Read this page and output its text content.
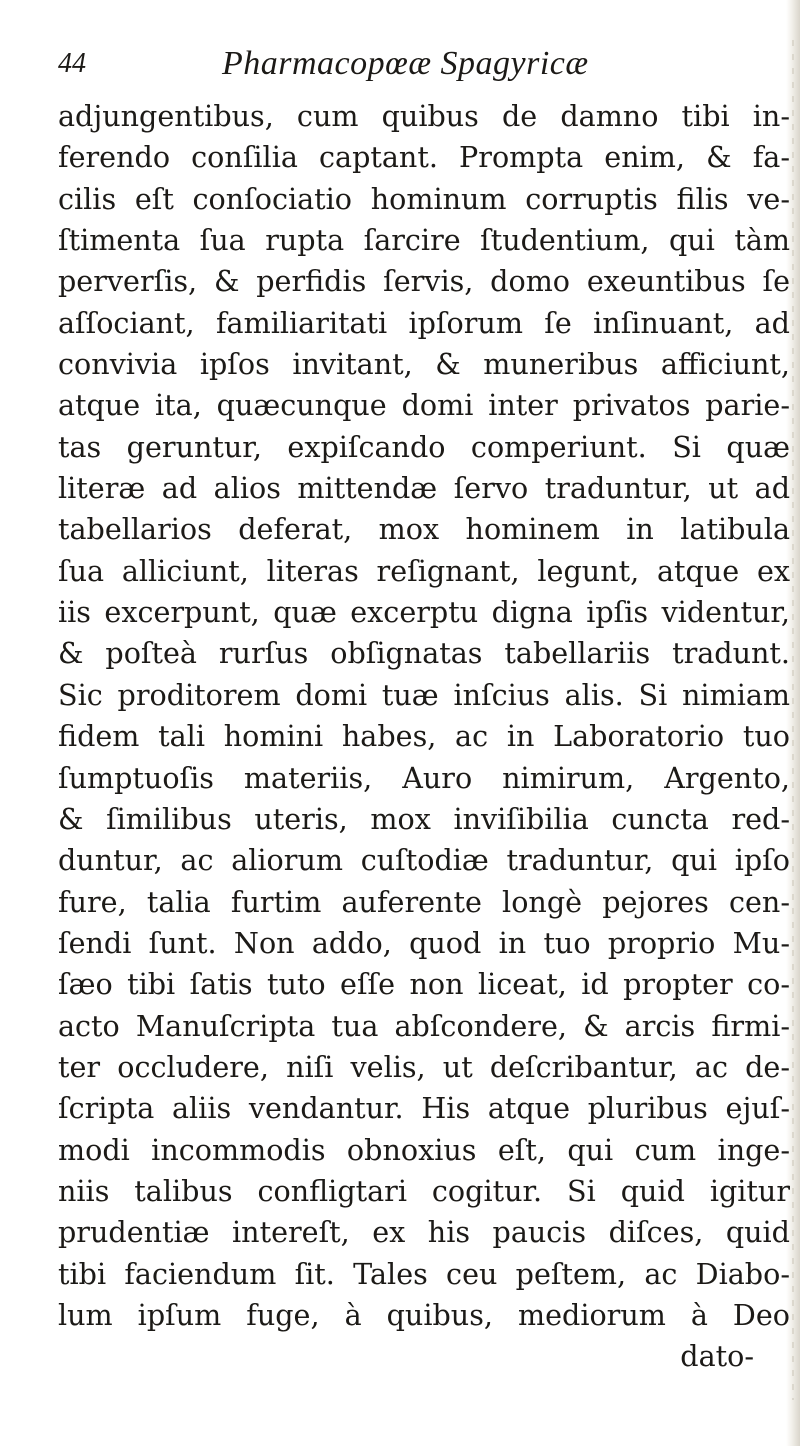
44	Pharmacopœæ Spagyricæ
adjungentibus, cum quibus de damno tibi in-
ferendo conſilia captant. Prompta enim, & fa-
cilis eſt conſociatio hominum corruptis filis ve-
ſtimenta ſua rupta ſarcire ſtudentium, qui tàm
perverſis, & perfidis ſervis, domo exeuntibus ſe
aſſociant, familiaritati ipſorum ſe inſinuant, ad
convivia ipſos invitant, & muneribus afficiunt,
atque ita, quæcunque domi inter privatos parie-
tas geruntur, expiſcando comperiunt. Si quæ
literæ ad alios mittendæ ſervo traduntur, ut ad
tabellarios deferat, mox hominem in latibula
ſua alliciunt, literas reſignant, legunt, atque ex
iis excerpunt, quæ excerptu digna ipſis videntur,
& poſteà rurſus obſignatas tabellariis tradunt.
Sic proditorem domi tuæ inſcius alis. Si nimiam
fidem tali homini habes, ac in Laboratorio tuo
ſumptuoſis materiis, Auro nimirum, Argento,
& ſimilibus uteris, mox inviſibilia cuncta red-
duntur, ac aliorum cuſtodiæ traduntur, qui ipſo
fure, talia furtim auferente longè pejores cen-
ſendi ſunt. Non addo, quod in tuo proprio Mu-
ſæo tibi ſatis tuto eſſe non liceat, id propter co-
acto Manuſcripta tua abſcondere, & arcis firmi-
ter occludere, niſi velis, ut deſcribantur, ac de-
ſcripta aliis vendantur. His atque pluribus ejuſ-
modi incommodis obnoxius eſt, qui cum inge-
niis talibus confligtari cogitur. Si quid igitur
prudentiæ intereſt, ex his paucis diſces, quid
tibi faciendum ſit. Tales ceu peſtem, ac Diabo-
lum ipſum fuge, à quibus, mediorum à Deo
dato-
